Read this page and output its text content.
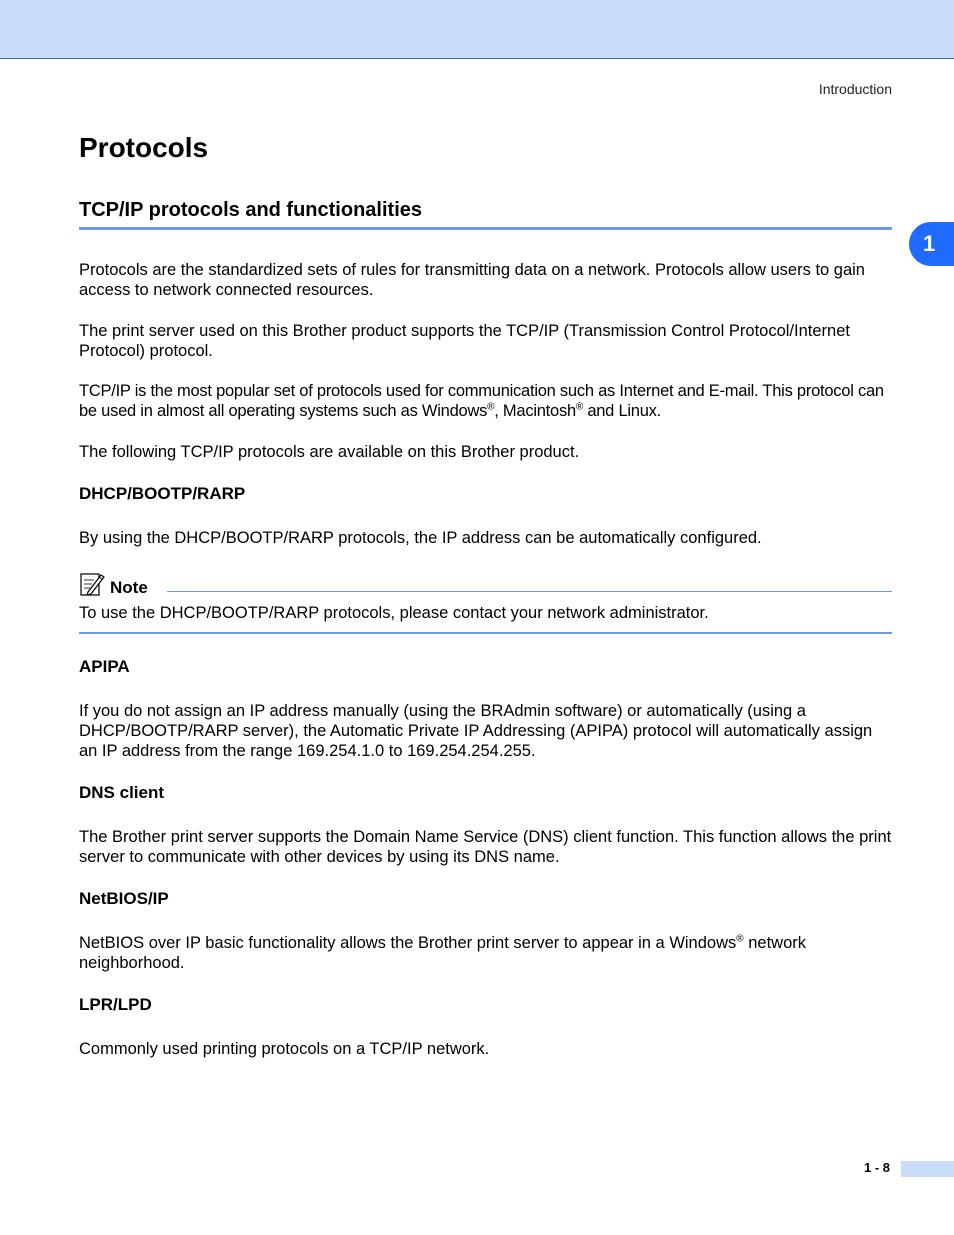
Introduction
1
Protocols
TCP/IP protocols and functionalities

Protocols are the standardized sets of rules for transmitting data on a network. Protocols allow users to gain access to network connected resources.

The print server used on this Brother product supports the TCP/IP (Transmission Control Protocol/Internet Protocol) protocol.

TCP/IP is the most popular set of protocols used for communication such as Internet and E-mail. This protocol can be used in almost all operating systems such as Windows®, Macintosh® and Linux.

The following TCP/IP protocols are available on this Brother product.

DHCP/BOOTP/RARP

By using the DHCP/BOOTP/RARP protocols, the IP address can be automatically configured.

Note

To use the DHCP/BOOTP/RARP protocols, please contact your network administrator.

APIPA

If you do not assign an IP address manually (using the BRAdmin software) or automatically (using a DHCP/BOOTP/RARP server), the Automatic Private IP Addressing (APIPA) protocol will automatically assign an IP address from the range 169.254.1.0 to 169.254.254.255.

DNS client

The Brother print server supports the Domain Name Service (DNS) client function. This function allows the print server to communicate with other devices by using its DNS name.

NetBIOS/IP

NetBIOS over IP basic functionality allows the Brother print server to appear in a Windows® network neighborhood.

LPR/LPD

Commonly used printing protocols on a TCP/IP network.

1 - 8
